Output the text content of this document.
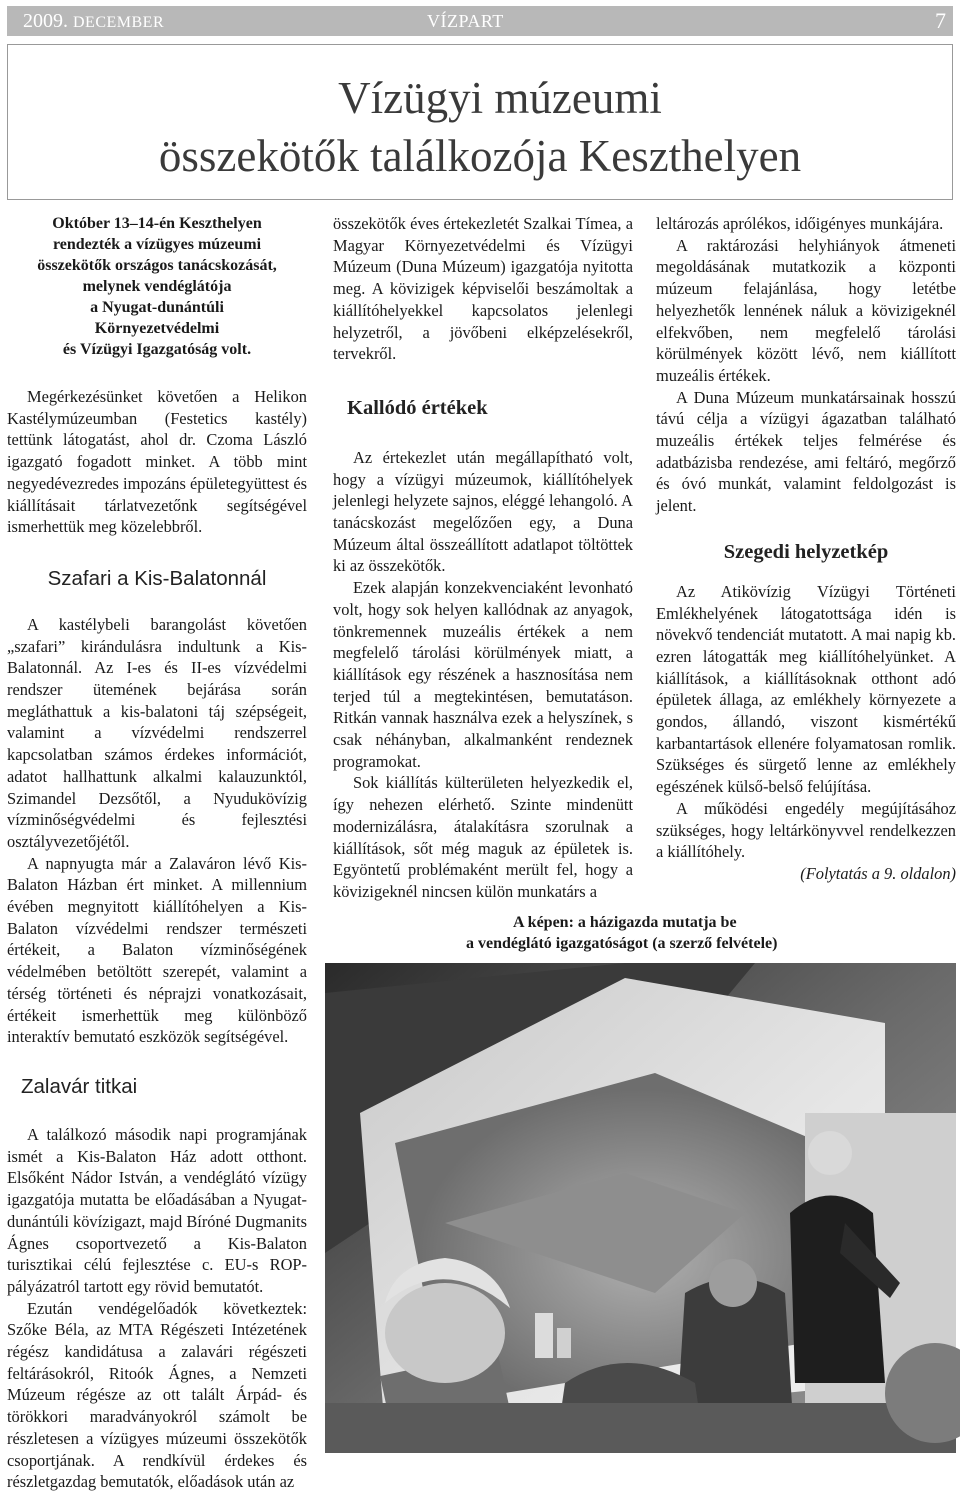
2009. DECEMBER	VÍZPART	7
Vízügyi múzeumi
összekötők találkozója Keszthelyen
Október 13–14-én Keszthelyen
rendezték a vízügyes múzeumi
összekötők országos tanácskozását,
melynek vendéglátója
a Nyugat-dunántúli
Környezetvédelmi
és Vízügyi Igazgatóság volt.

Megérkezésünket követően a Helikon Kastélymúzeumban (Festetics kastély) tettünk látogatást, ahol dr. Czoma László igazgató fogadott minket. A több mint negyedévezredes impozáns épületegyüttest és kiállításait tárlatvezetőnk segítségével ismerhettük meg közelebbről.

Szafari a Kis-Balatonnál

A kastélybeli barangolást követően „szafari” kirándulásra indultunk a Kis-Balatonnál. Az I-es és II-es vízvédelmi rendszer ütemének bejárása során megláthattuk a kis-balatoni táj szépségeit, valamint a vízvédelmi rendszerrel kapcsolatban számos érdekes információt, adatot hallhattunk alkalmi kalauzunktól, Szimandel Dezsőtől, a Nyudukövízig vízminőségvédelmi és fejlesztési osztályvezetőjétől.

A napnyugta már a Zalaváron lévő Kis-Balaton Házban ért minket. A millennium évében megnyitott kiállítóhelyen a Kis-Balaton vízvédelmi rendszer természeti értékeit, a Balaton vízminőségének védelmében betöltött szerepét, valamint a térség történeti és néprajzi vonatkozásait, értékeit ismerhettük meg különböző interaktív bemutató eszközök segítségével.

Zalavár titkai

A találkozó második napi programjának ismét a Kis-Balaton Ház adott otthont. Elsőként Nádor István, a vendéglátó vízügy igazgatója mutatta be előadásában a Nyugat-dunántúli kövízigazt, majd Bíróné Dugmanits Ágnes csoportvezető a Kis-Balaton turisztikai célú fejlesztése c. EU-s ROP-pályázatról tartott egy rövid bemutatót.

Ezután vendégelőadók következtek: Szőke Béla, az MTA Régészeti Intézetének régész kandidátusa a zalavári régészeti feltárásokról, Ritoók Ágnes, a Nemzeti Múzeum régésze az ott talált Árpád- és törökkori maradványokról számolt be részletesen a vízügyes múzeumi összekötők csoportjának. A rendkívül érdekes és részletgazdag bemutatók, előadások után az

összekötők éves értekezletét Szalkai Tímea, a Magyar Környezetvédelmi és Vízügyi Múzeum (Duna Múzeum) igazgatója nyitotta meg. A kövizigek képviselői beszámoltak a kiállítóhelyekkel kapcsolatos jelenlegi helyzetről, a jövőbeni elképzelésekről, tervekről.

Kallódó értékek

Az értekezlet után megállapítható volt, hogy a vízügyi múzeumok, kiállítóhelyek jelenlegi helyzete sajnos, eléggé lehangoló. A tanácskozást megelőzően egy, a Duna Múzeum által összeállított adatlapot töltöttek ki az összekötők.

Ezek alapján konzekvenciaként levonható volt, hogy sok helyen kallódnak az anyagok, tönkremennek muzeális értékek a nem megfelelő tárolási körülmények miatt, a kiállítások egy részének a hasznosítása nem terjed túl a megtekintésen, bemutatáson. Ritkán vannak használva ezek a helyszínek, s csak néhányban, alkalmanként rendeznek programokat.

Sok kiállítás külterületen helyezkedik el, így nehezen elérhető. Szinte mindenütt modernizálásra, átalakításra szorulnak a kiállítások, sőt még maguk az épületek is. Egyöntetű problémaként merült fel, hogy a kövizigeknél nincsen külön munkatárs a

leltározás aprólékos, időigényes munkájára.

A raktározási helyhiányok átmeneti megoldásának mutatkozik a központi múzeum felajánlása, hogy letétbe helyezhetők lennének náluk a kövizigeknél elfekvőben, nem megfelelő tárolási körülmények között lévő, nem kiállított muzeális értékek.

A Duna Múzeum munkatársainak hosszú távú célja a vízügyi ágazatban található muzeális értékek teljes felmérése és adatbázisba rendezése, ami feltáró, megőrző és óvó munkát, valamint feldolgozást is jelent.

Szegedi helyzetkép

Az Atikövízig Vízügyi Történeti Emlékhelyének látogatottsága idén is növekvő tendenciát mutatott. A mai napig kb. ezren látogatták meg kiállítóhelyünket. A kiállítások, a kiállításoknak otthont adó épületek állaga, az emlékhely környezete a gondos, állandó, viszont kismértékű karbantartások ellenére folyamatosan romlik. Szükséges és sürgető lenne az emlékhely egészének külső-belső felújítása.

A működési engedély megújításához szükséges, hogy leltárkönyvvel rendelkezzen a kiállítóhely.

(Folytatás a 9. oldalon)

A képen: a házigazda mutatja be
a vendéglátó igazgatóságot (a szerző felvétele)
